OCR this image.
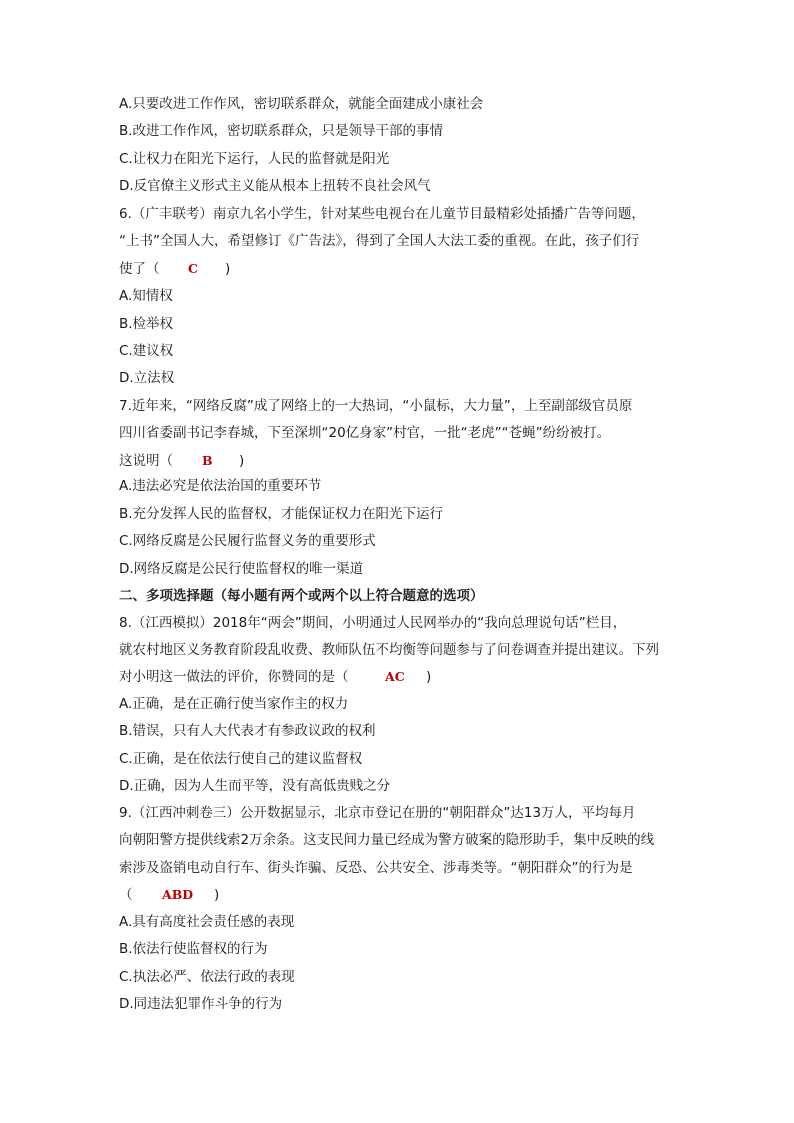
A.只要改进工作作风，密切联系群众，就能全面建成小康社会
B.改进工作作风，密切联系群众，只是领导干部的事情
C.让权力在阳光下运行，人民的监督就是阳光
D.反官僚主义形式主义能从根本上扭转不良社会风气
6.（广丰联考）南京九名小学生，针对某些电视台在儿童节目最精彩处插播广告等问题，
“上书”全国人大，希望修订《广告法》，得到了全国人大法工委的重视。在此，孩子们行
使了（ C )
A.知情权
B.检举权
C.建议权
D.立法权
7.近年来，“网络反腐”成了网络上的一大热词，“小鼠标，大力量”，上至副部级官员原
四川省委副书记李春城，下至深圳“20亿身家”村官，一批“老虎”“苍蝇”纷纷被打。
这说明（ B )
A.违法必究是依法治国的重要环节
B.充分发挥人民的监督权，才能保证权力在阳光下运行
C.网络反腐是公民履行监督义务的重要形式
D.网络反腐是公民行使监督权的唯一渠道
二、多项选择题（每小题有两个或两个以上符合题意的选项）
8.（江西模拟）2018年“两会”期间，小明通过人民网举办的“我向总理说句话”栏目，
就农村地区义务教育阶段乱收费、教师队伍不均衡等问题参与了问卷调查并提出建议。下列
对小明这一做法的评价，你赞同的是（	AC )
A.正确，是在正确行使当家作主的权力
B.错误，只有人大代表才有参政议政的权利
C.正确，是在依法行使自己的建议监督权
D.正确，因为人生而平等，没有高低贵贱之分
9.（江西冲刺卷三）公开数据显示，北京市登记在册的“朝阳群众”达13万人，平均每月
向朝阳警方提供线索2万余条。这支民间力量已经成为警方破案的隐形助手，集中反映的线
索涉及盗销电动自行车、街头诈骗、反恐、公共安全、涉毒类等。“朝阳群众”的行为是
（ ABD )
A.具有高度社会责任感的表现
B.依法行使监督权的行为
C.执法必严、依法行政的表现
D.同违法犯罪作斗争的行为
